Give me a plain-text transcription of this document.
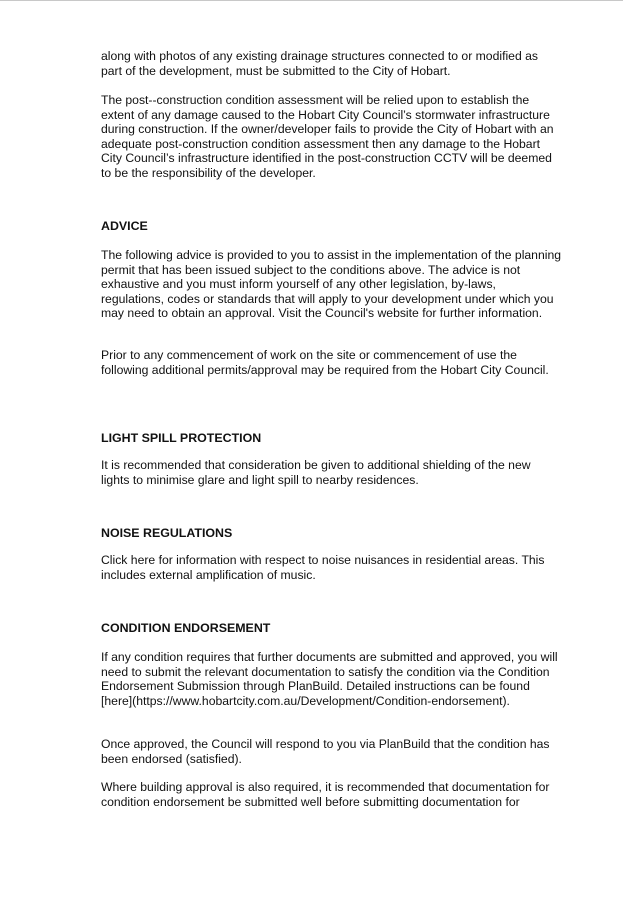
along with photos of any existing drainage structures connected to or modified as part of the development, must be submitted to the City of Hobart.

The post--construction condition assessment will be relied upon to establish the extent of any damage caused to the Hobart City Council’s stormwater infrastructure during construction. If the owner/developer fails to provide the City of Hobart with an adequate post-construction condition assessment then any damage to the Hobart City Council’s infrastructure identified in the post-construction CCTV will be deemed to be the responsibility of the developer.

ADVICE

The following advice is provided to you to assist in the implementation of the planning permit that has been issued subject to the conditions above. The advice is not exhaustive and you must inform yourself of any other legislation, by-laws, regulations, codes or standards that will apply to your development under which you may need to obtain an approval. Visit the Council's website for further information.

Prior to any commencement of work on the site or commencement of use the following additional permits/approval may be required from the Hobart City Council.

LIGHT SPILL PROTECTION

It is recommended that consideration be given to additional shielding of the new lights to minimise glare and light spill to nearby residences.

NOISE REGULATIONS

Click here for information with respect to noise nuisances in residential areas. This includes external amplification of music.

CONDITION ENDORSEMENT

If any condition requires that further documents are submitted and approved, you will need to submit the relevant documentation to satisfy the condition via the Condition Endorsement Submission through PlanBuild. Detailed instructions can be found [here](https://www.hobartcity.com.au/Development/Condition-endorsement).

Once approved, the Council will respond to you via PlanBuild that the condition has been endorsed (satisfied).

Where building approval is also required, it is recommended that documentation for condition endorsement be submitted well before submitting documentation for
